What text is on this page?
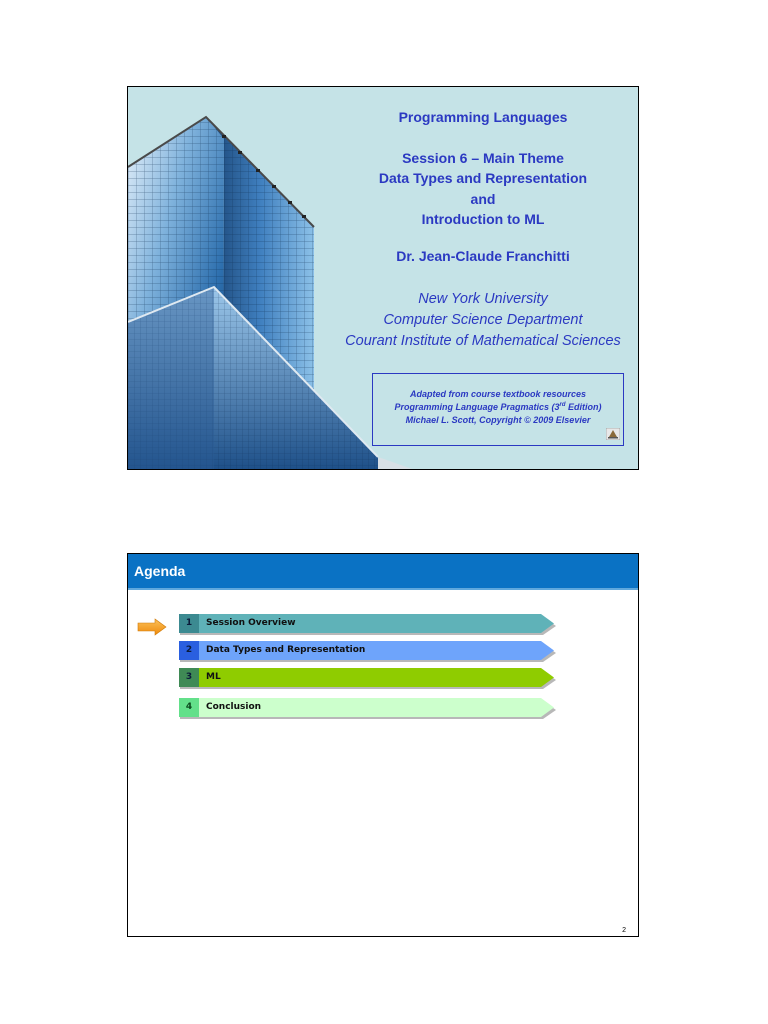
Programming Languages
Session 6 – Main Theme
Data Types and Representation
and
Introduction to ML
Dr. Jean-Claude Franchitti
New York University
Computer Science Department
Courant Institute of Mathematical Sciences
Adapted from course textbook resources
Programming Language Pragmatics (3rd Edition)
Michael L. Scott, Copyright © 2009 Elsevier
Agenda
1	Session Overview
2	Data Types and Representation
3	ML
4	Conclusion
2
